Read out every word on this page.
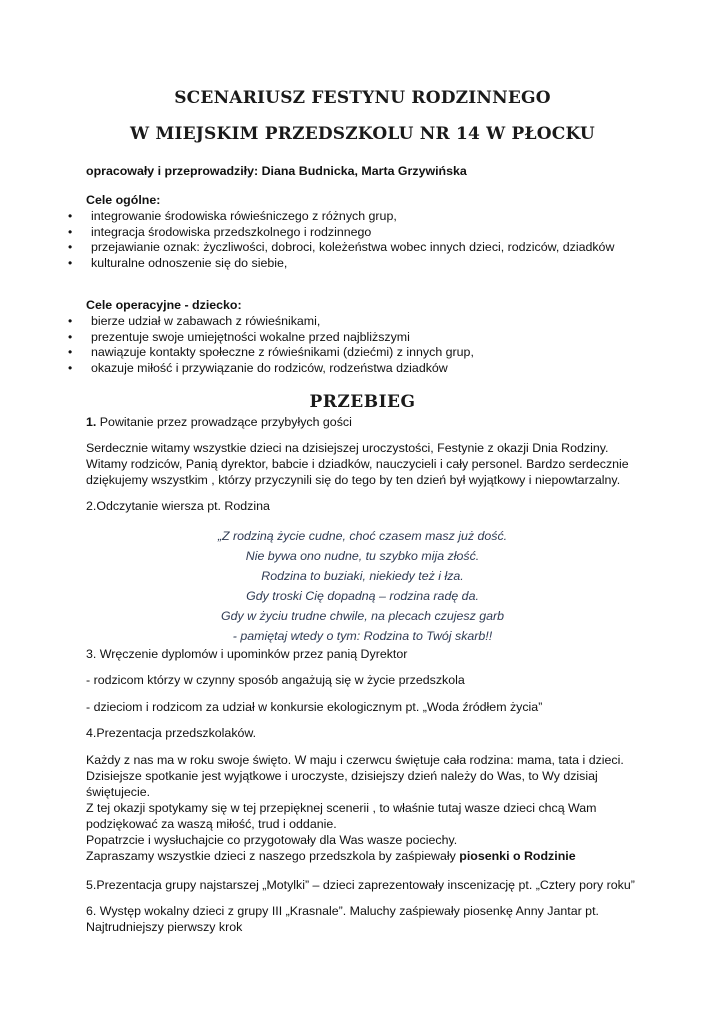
SCENARIUSZ FESTYNU RODZINNEGO
W MIEJSKIM PRZEDSZKOLU NR 14 W PŁOCKU
opracowały i przeprowadziły: Diana Budnicka, Marta Grzywińska
Cele ogólne:
• integrowanie środowiska rówieśniczego z różnych grup,
• integracja środowiska przedszkolnego i rodzinnego
• przejawianie oznak: życzliwości, dobroci, koleżeństwa wobec innych dzieci, rodziców, dziadków
• kulturalne odnoszenie się do siebie,
Cele operacyjne - dziecko:
• bierze udział w zabawach z rówieśnikami,
• prezentuje swoje umiejętności wokalne przed najbliższymi
• nawiązuje kontakty społeczne z rówieśnikami (dziećmi) z innych grup,
• okazuje miłość i przywiązanie do rodziców, rodzeństwa dziadków
PRZEBIEG
1. Powitanie przez prowadzące przybyłych gości
Serdecznie witamy wszystkie dzieci na dzisiejszej uroczystości, Festynie z okazji Dnia Rodziny.
Witamy rodziców, Panią dyrektor, babcie i dziadków, nauczycieli i cały personel. Bardzo serdecznie
dziękujemy wszystkim , którzy przyczynili się do tego by ten dzień był wyjątkowy i niepowtarzalny.
2.Odczytanie wiersza pt. Rodzina
„Z rodziną życie cudne, choć czasem masz już dość.
Nie bywa ono nudne, tu szybko mija złość.
Rodzina to buziaki, niekiedy też i łza.
Gdy troski Cię dopadną – rodzina radę da.
Gdy w życiu trudne chwile, na plecach czujesz garb
- pamiętaj wtedy o tym: Rodzina to Twój skarb!!
3. Wręczenie dyplomów i upominków przez panią Dyrektor
- rodzicom którzy w czynny sposób angażują się w życie przedszkola
- dzieciom i rodzicom za udział w konkursie ekologicznym pt. „Woda źródłem życia”
4.Prezentacja przedszkolaków.
Każdy z nas ma w roku swoje święto. W maju i czerwcu świętuje cała rodzina: mama, tata i dzieci.
Dzisiejsze spotkanie jest wyjątkowe i uroczyste, dzisiejszy dzień należy do Was, to Wy dzisiaj
świętujecie.
Z tej okazji spotykamy się w tej przepięknej scenerii , to właśnie tutaj wasze dzieci chcą Wam
podziękować za waszą miłość, trud i oddanie.
Popatrzcie i wysłuchajcie co przygotowały dla Was wasze pociechy.
Zapraszamy wszystkie dzieci z naszego przedszkola by zaśpiewały piosenki o Rodzinie
5.Prezentacja grupy najstarszej „Motylki” – dzieci zaprezentowały inscenizację pt. „Cztery pory roku”
6. Występ wokalny dzieci z grupy III „Krasnale”. Maluchy zaśpiewały piosenkę Anny Jantar pt.
Najtrudniejszy pierwszy krok
